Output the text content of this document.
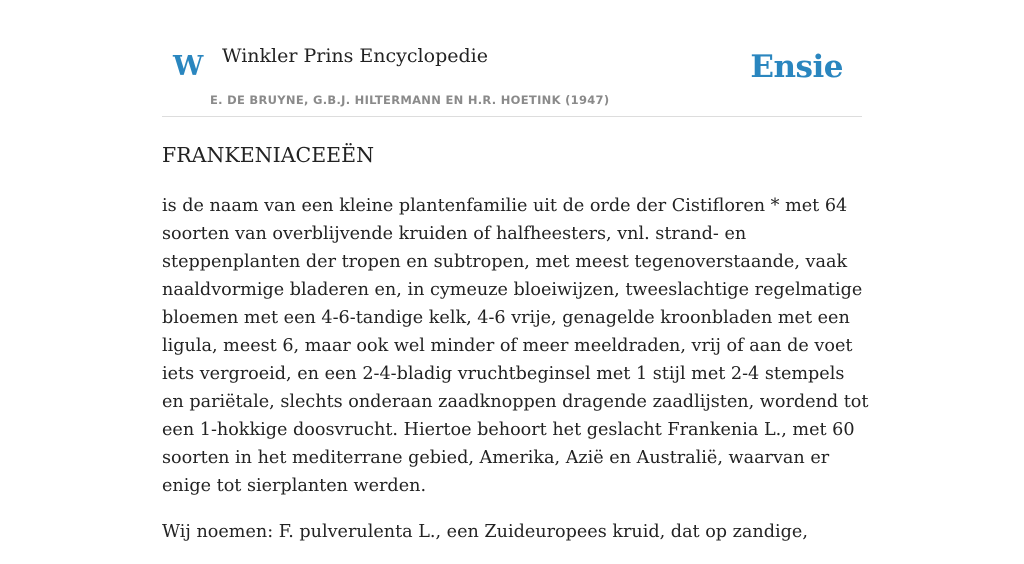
W Winkler Prins Encyclopedie
E. DE BRUYNE, G.B.J. HILTERMANN EN H.R. HOETINK (1947)
Ensie
FRANKENIACEEËN

is de naam van een kleine plantenfamilie uit de orde der Cistifloren * met 64 soorten van overblijvende kruiden of halfheesters, vnl. strand- en steppenplanten der tropen en subtropen, met meest tegenoverstaande, vaak naaldvormige bladeren en, in cymeuze bloeiwijzen, tweeslachtige regelmatige bloemen met een 4-6-tandige kelk, 4-6 vrije, genagelde kroonbladen met een ligula, meest 6, maar ook wel minder of meer meeldraden, vrij of aan de voet iets vergroeid, en een 2-4-bladig vruchtbeginsel met 1 stijl met 2-4 stempels en pariëtale, slechts onderaan zaadknoppen dragende zaadlijsten, wordend tot een 1-hokkige doosvrucht. Hiertoe behoort het geslacht Frankenia L., met 60 soorten in het mediterrane gebied, Amerika, Azië en Australië, waarvan er enige tot sierplanten werden.

Wij noemen: F. pulverulenta L., een Zuideuropees kruid, dat op zandige,
